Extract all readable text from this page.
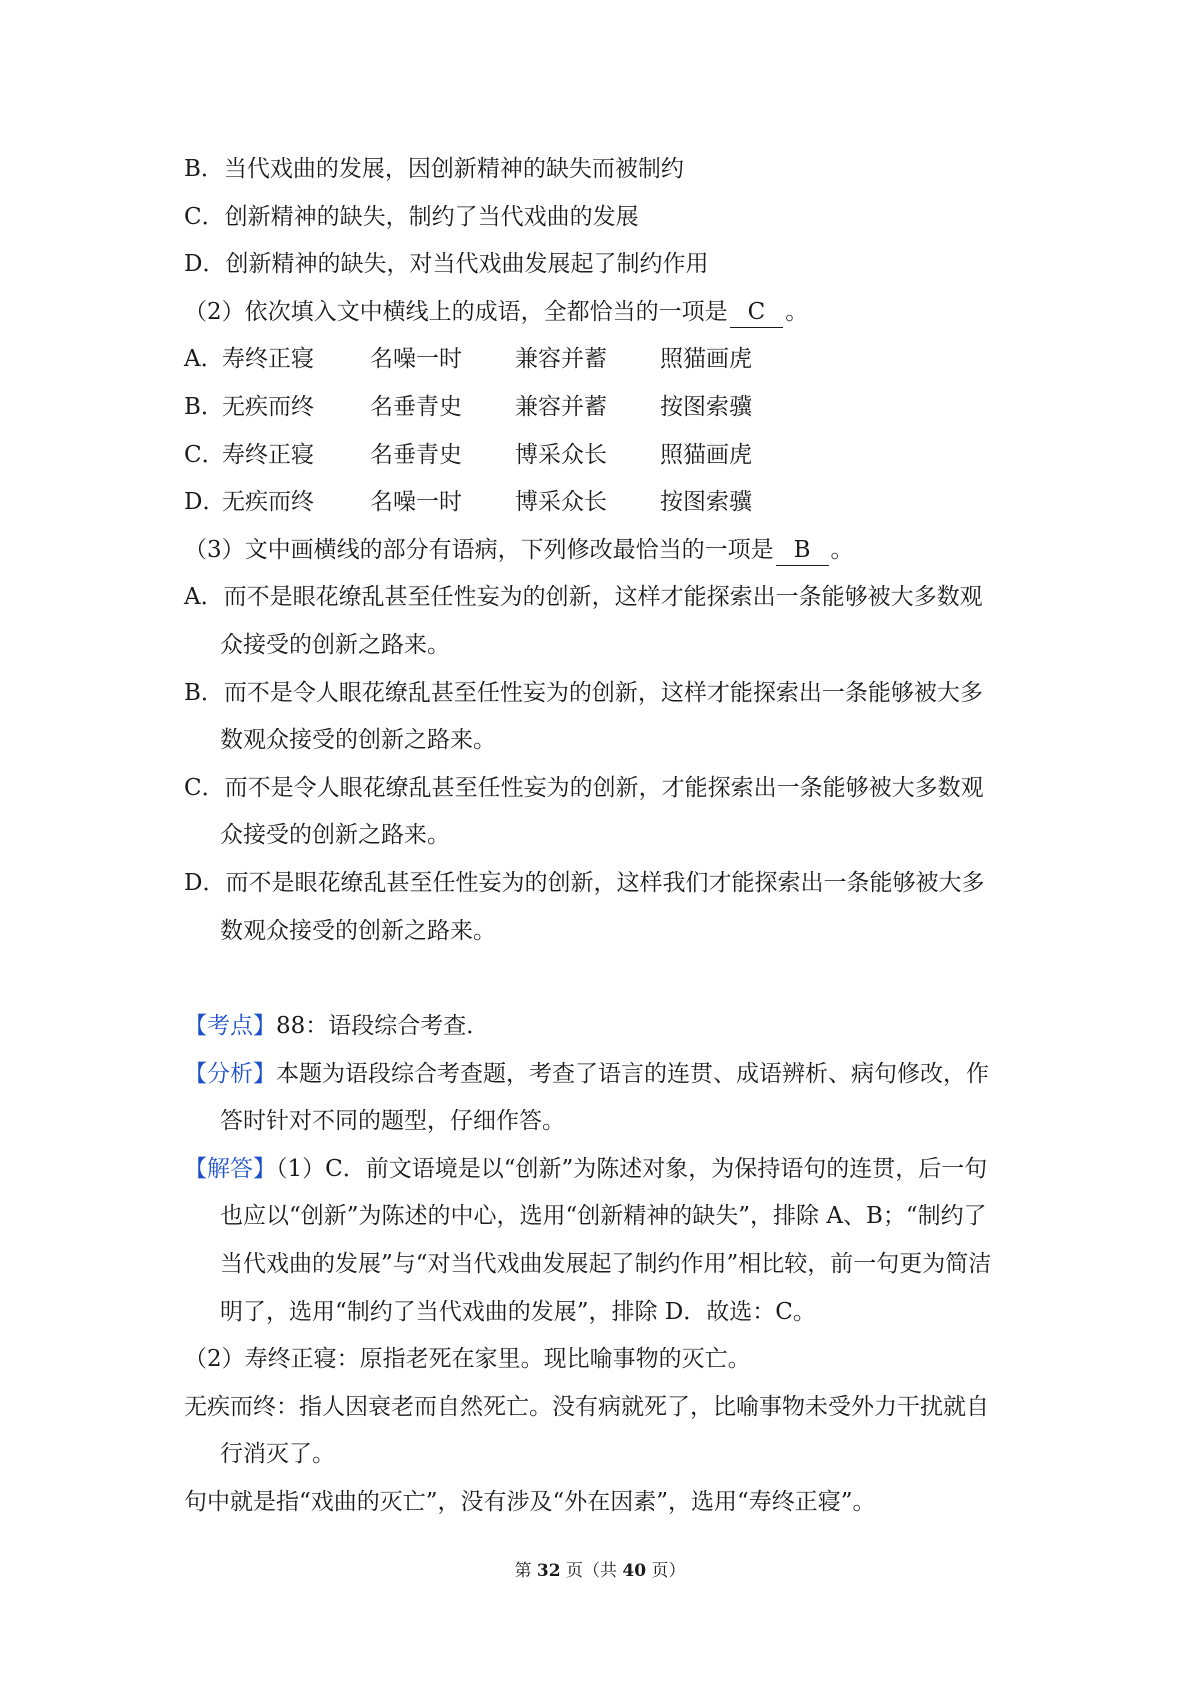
B．当代戏曲的发展，因创新精神的缺失而被制约
C．创新精神的缺失，制约了当代戏曲的发展
D．创新精神的缺失，对当代戏曲发展起了制约作用
（2）依次填入文中横线上的成语，全都恰当的一项是 C 。
A．寿终正寝 名噪一时 兼容并蓄 照猫画虎
B．无疾而终 名垂青史 兼容并蓄 按图索骥
C．寿终正寝 名垂青史 博采众长 照猫画虎
D．无疾而终 名噪一时 博采众长 按图索骥
（3）文中画横线的部分有语病，下列修改最恰当的一项是 B 。
A．而不是眼花缭乱甚至任性妄为的创新，这样才能探索出一条能够被大多数观
众接受的创新之路来。
B．而不是令人眼花缭乱甚至任性妄为的创新，这样才能探索出一条能够被大多
数观众接受的创新之路来。
C．而不是令人眼花缭乱甚至任性妄为的创新，才能探索出一条能够被大多数观
众接受的创新之路来。
D．而不是眼花缭乱甚至任性妄为的创新，这样我们才能探索出一条能够被大多
数观众接受的创新之路来。
【考点】88：语段综合考查．
【分析】本题为语段综合考查题，考查了语言的连贯、成语辨析、病句修改，作
答时针对不同的题型，仔细作答。
【解答】（1）C．前文语境是以“创新”为陈述对象，为保持语句的连贯，后一句
也应以“创新”为陈述的中心，选用“创新精神的缺失”，排除 A、B；“制约了
当代戏曲的发展”与“对当代戏曲发展起了制约作用”相比较，前一句更为简洁
明了，选用“制约了当代戏曲的发展”，排除 D．故选：C。
（2）寿终正寝：原指老死在家里。现比喻事物的灭亡。
无疾而终：指人因衰老而自然死亡。没有病就死了，比喻事物未受外力干扰就自
行消灭了。
句中就是指“戏曲的灭亡”，没有涉及“外在因素”，选用“寿终正寝”。
第 32 页（共 40 页）
